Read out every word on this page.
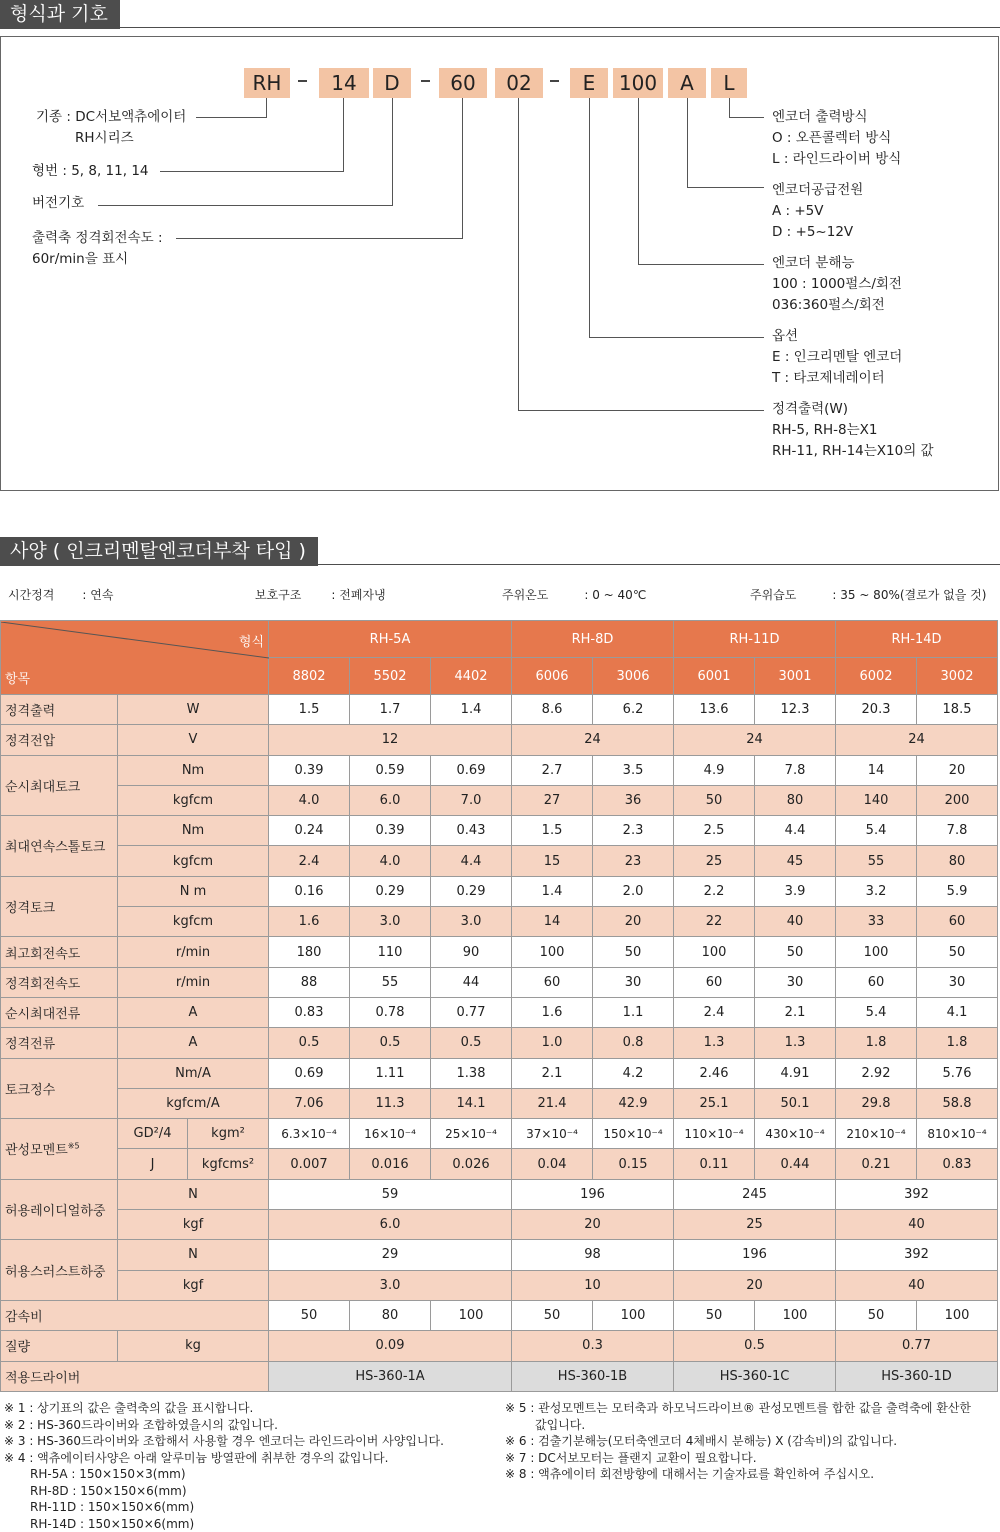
형식과 기호
RH	14	D	60	02	E	100	A	L
기종 : DC서보액츄에이터
RH시리즈
형번 : 5, 8, 11, 14
버전기호
출력축 정격회전속도 :
60r/min을 표시
엔코더 출력방식
O : 오픈콜렉터 방식
L : 라인드라이버 방식
엔코더공급전원
A : +5V
D : +5~12V
엔코더 분해능
100 : 1000펄스/회전
036:360펄스/회전
옵션
E : 인크리멘탈 엔코더
T : 타코제네레이터
정격출력(W)
RH-5, RH-8는X1
RH-11, RH-14는X10의 값
사양 ( 인크리멘탈엔코더부착 타입 )
시간정격 : 연속	보호구조	: 전폐자냉	주위온도	: 0 ~ 40℃	주위습도	: 35 ~ 80%(결로가 없을 것)
형식
항목			RH-5A			RH-8D		RH-11D		RH-14D	
			8802	5502	4402	6006	3006	6001	3001	6002	3002
정격출력	W		1.5	1.7	1.4	8.6	6.2	13.6	12.3	20.3	18.5
정격전압	V		12			24		24		24	
순시최대토크	Nm		0.39	0.59	0.69	2.7	3.5	4.9	7.8	14	20
	kgfcm		4.0	6.0	7.0	27	36	50	80	140	200
최대연속스톨토크	Nm		0.24	0.39	0.43	1.5	2.3	2.5	4.4	5.4	7.8
	kgfcm		2.4	4.0	4.4	15	23	25	45	55	80
정격토크	N m		0.16	0.29	0.29	1.4	2.0	2.2	3.9	3.2	5.9
	kgfcm		1.6	3.0	3.0	14	20	22	40	33	60
최고회전속도	r/min		180	110	90	100	50	100	50	100	50
정격회전속도	r/min		88	55	44	60	30	60	30	60	30
순시최대전류	A		0.83	0.78	0.77	1.6	1.1	2.4	2.1	5.4	4.1
정격전류	A		0.5	0.5	0.5	1.0	0.8	1.3	1.3	1.8	1.8
토크정수	Nm/A		0.69	1.11	1.38	2.1	4.2	2.46	4.91	2.92	5.76
	kgfcm/A		7.06	11.3	14.1	21.4	42.9	25.1	50.1	29.8	58.8
관성모멘트$^{※5}$	GD²/4	kgm²	6.3×10⁻⁴	16×10⁻⁴	25×10⁻⁴	37×10⁻⁴	150×10⁻⁴	110×10⁻⁴	430×10⁻⁴	210×10⁻⁴	810×10⁻⁴
	J	kgfcms²	0.007	0.016	0.026	0.04	0.15	0.11	0.44	0.21	0.83
허용레이디얼하중	N		59			196		245		392	
	kgf		6.0			20		25		40	
허용스러스트하중	N		29			98		196		392	
	kgf		3.0			10		20		40	
감속비			50	80	100	50	100	50	100	50	100
질량	kg		0.09			0.3		0.5		0.77	
적용드라이버			HS-360-1A			HS-360-1B		HS-360-1C		HS-360-1D	
※ 1 : 상기표의 값은 출력축의 값을 표시합니다.
※ 2 : HS-360드라이버와 조합하였을시의 값입니다.
※ 3 : HS-360드라이버와 조합해서 사용할 경우 엔코더는 라인드라이버 사양입니다.
※ 4 : 액츄에이터사양은 아래 알루미늄 방열판에 취부한 경우의 값입니다.
RH-5A : 150×150×3(mm)
RH-8D : 150×150×6(mm)
RH-11D : 150×150×6(mm)
RH-14D : 150×150×6(mm)
※ 5 : 관성모멘트는 모터축과 하모닉드라이브® 관성모멘트를 합한 값을 출력축에 환산한
값입니다.
※ 6 : 검출기분해능(모터축엔코더 4체배시 분해능) X (감속비)의 값입니다.
※ 7 : DC서보모터는 플랜지 교환이 필요합니다.
※ 8 : 액츄에이터 회전방향에 대해서는 기술자료를 확인하여 주십시오.
